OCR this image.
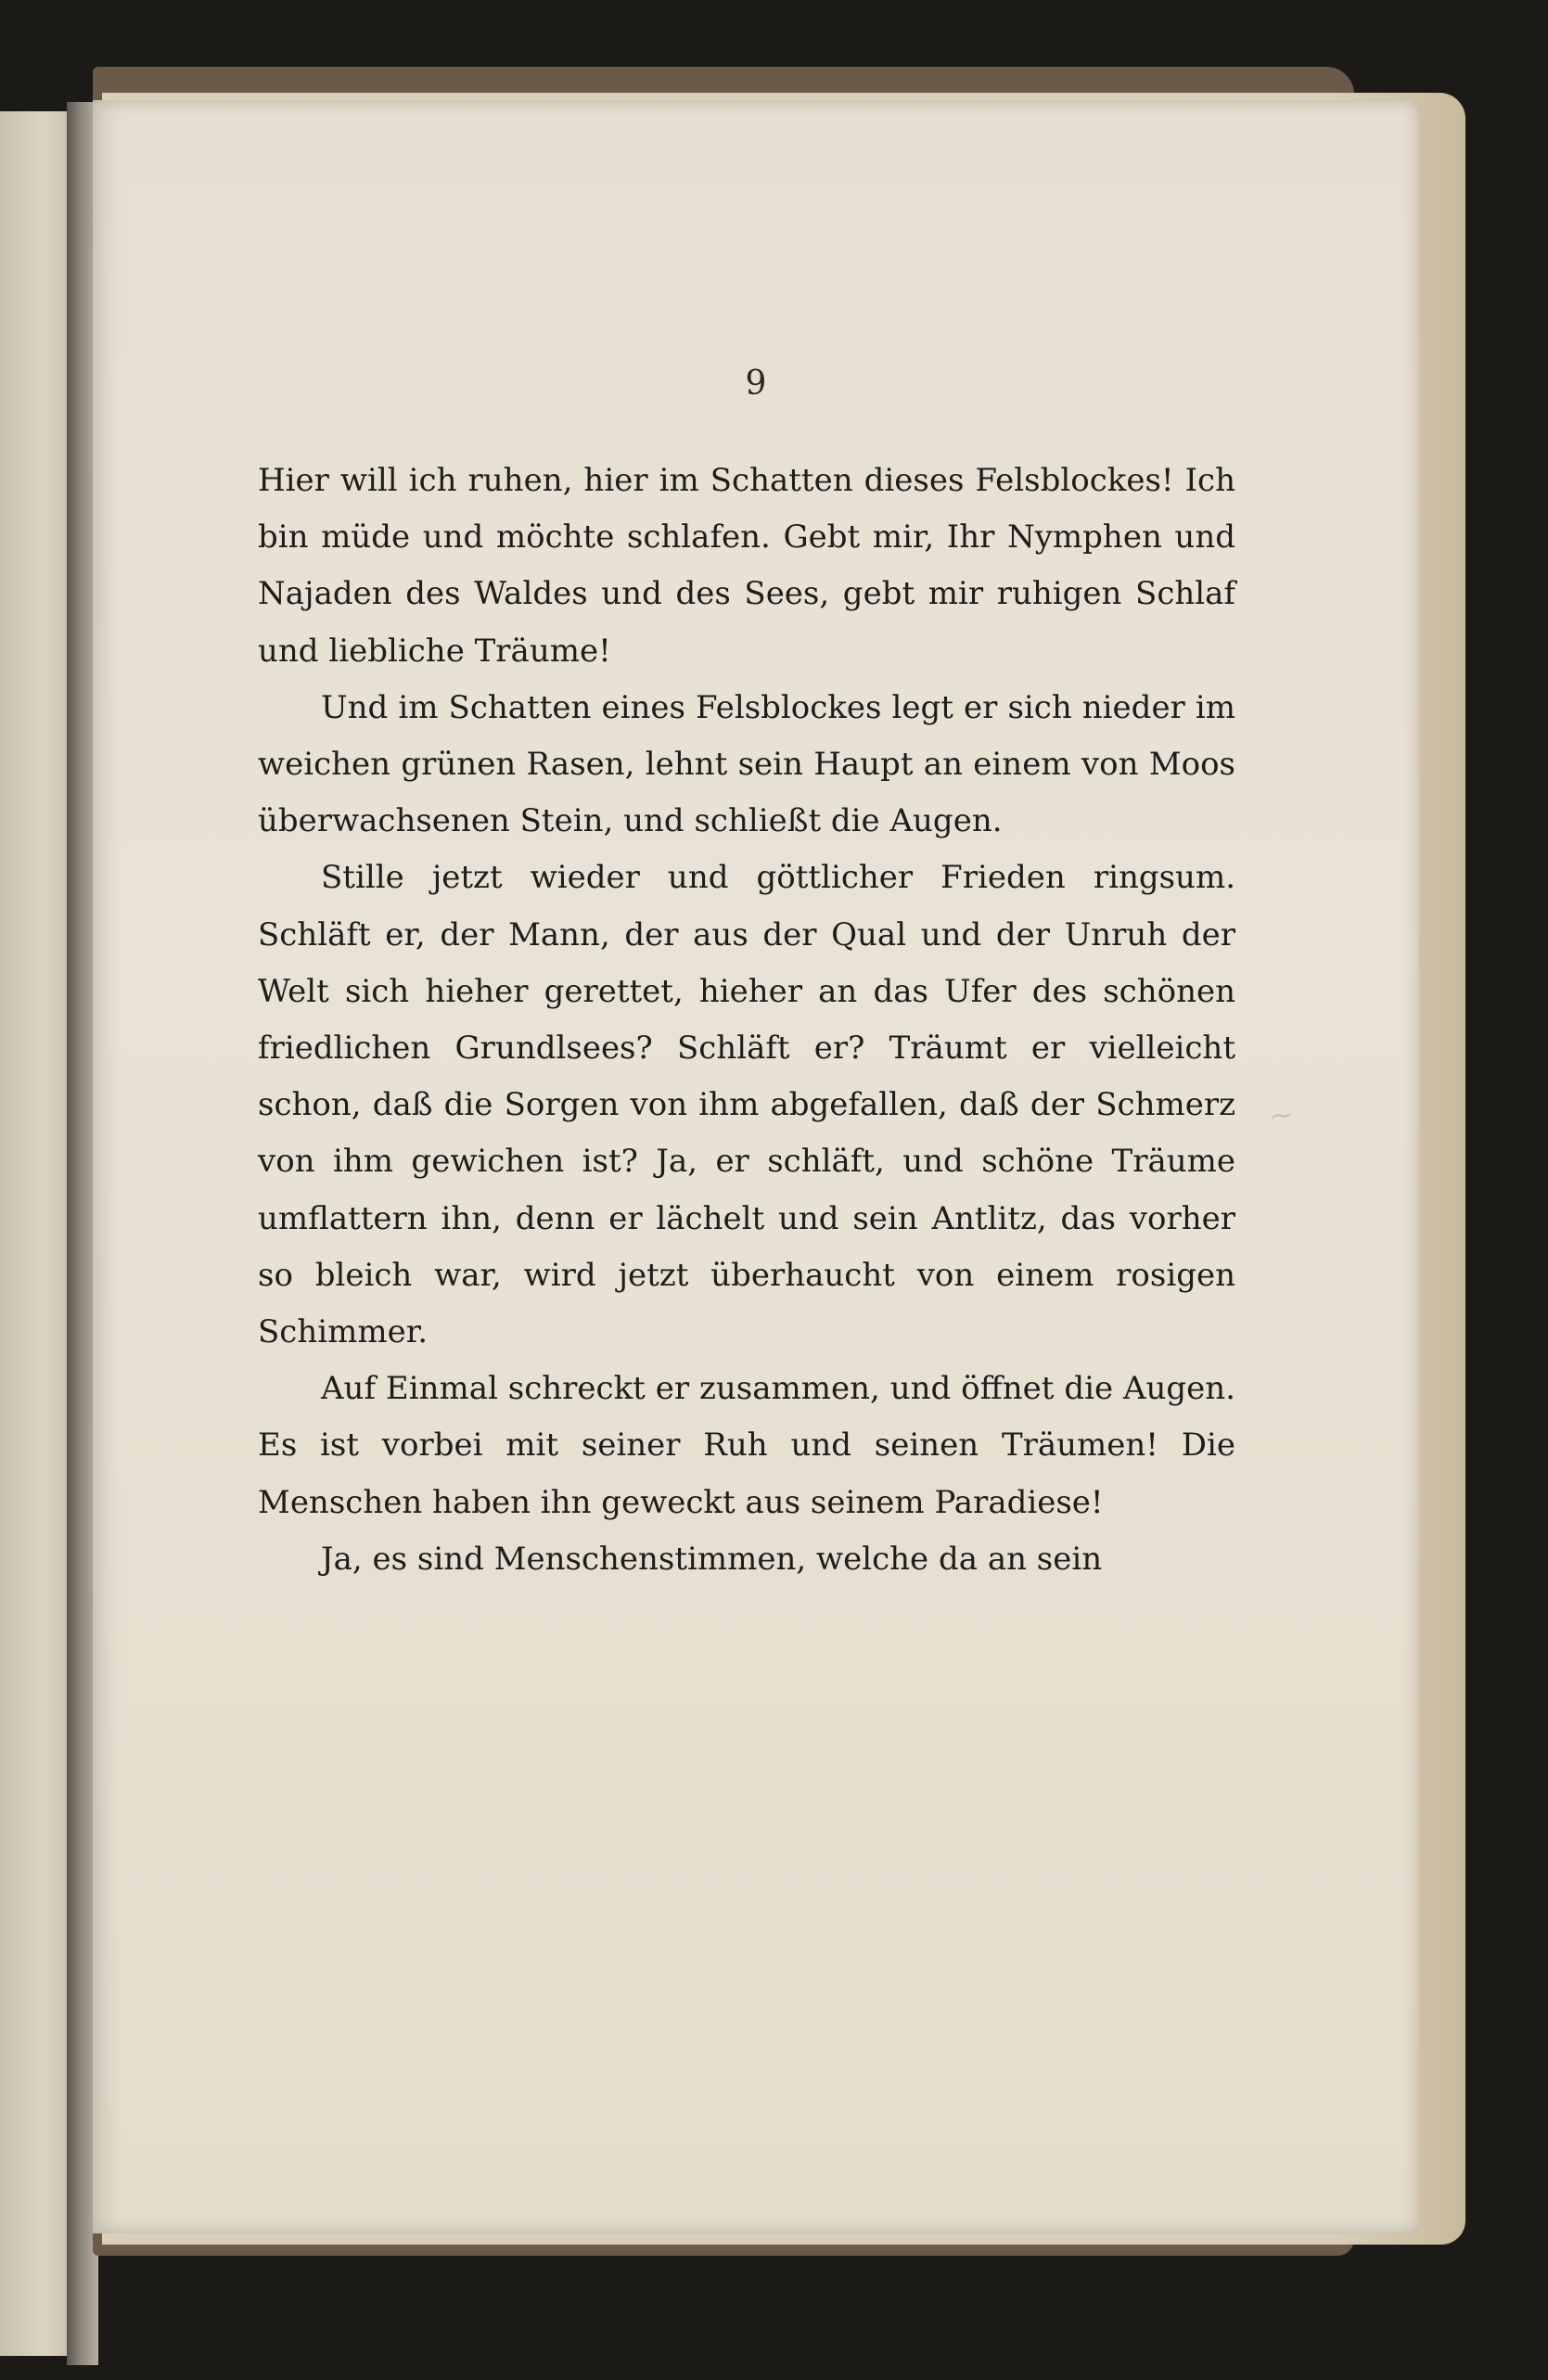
9

Hier will ich ruhen, hier im Schatten dieses Felsblockes! Ich bin müde und möchte schlafen. Gebt mir, Ihr Nymphen und Najaden des Waldes und des Sees, gebt mir ruhigen Schlaf und liebliche Träume!

Und im Schatten eines Felsblockes legt er sich nieder im weichen grünen Rasen, lehnt sein Haupt an einem von Moos überwachsenen Stein, und schließt die Augen.

Stille jetzt wieder und göttlicher Frieden ringsum. Schläft er, der Mann, der aus der Qual und der Unruh der Welt sich hieher gerettet, hieher an das Ufer des schönen friedlichen Grundlsees? Schläft er? Träumt er vielleicht schon, daß die Sorgen von ihm abgefallen, daß der Schmerz von ihm gewichen ist? Ja, er schläft, und schöne Träume umflattern ihn, denn er lächelt und sein Antlitz, das vorher so bleich war, wird jetzt überhaucht von einem rosigen Schimmer.

Auf Einmal schreckt er zusammen, und öffnet die Augen. Es ist vorbei mit seiner Ruh und seinen Träumen! Die Menschen haben ihn geweckt aus seinem Paradiese!

Ja, es sind Menschenstimmen, welche da an sein

~
